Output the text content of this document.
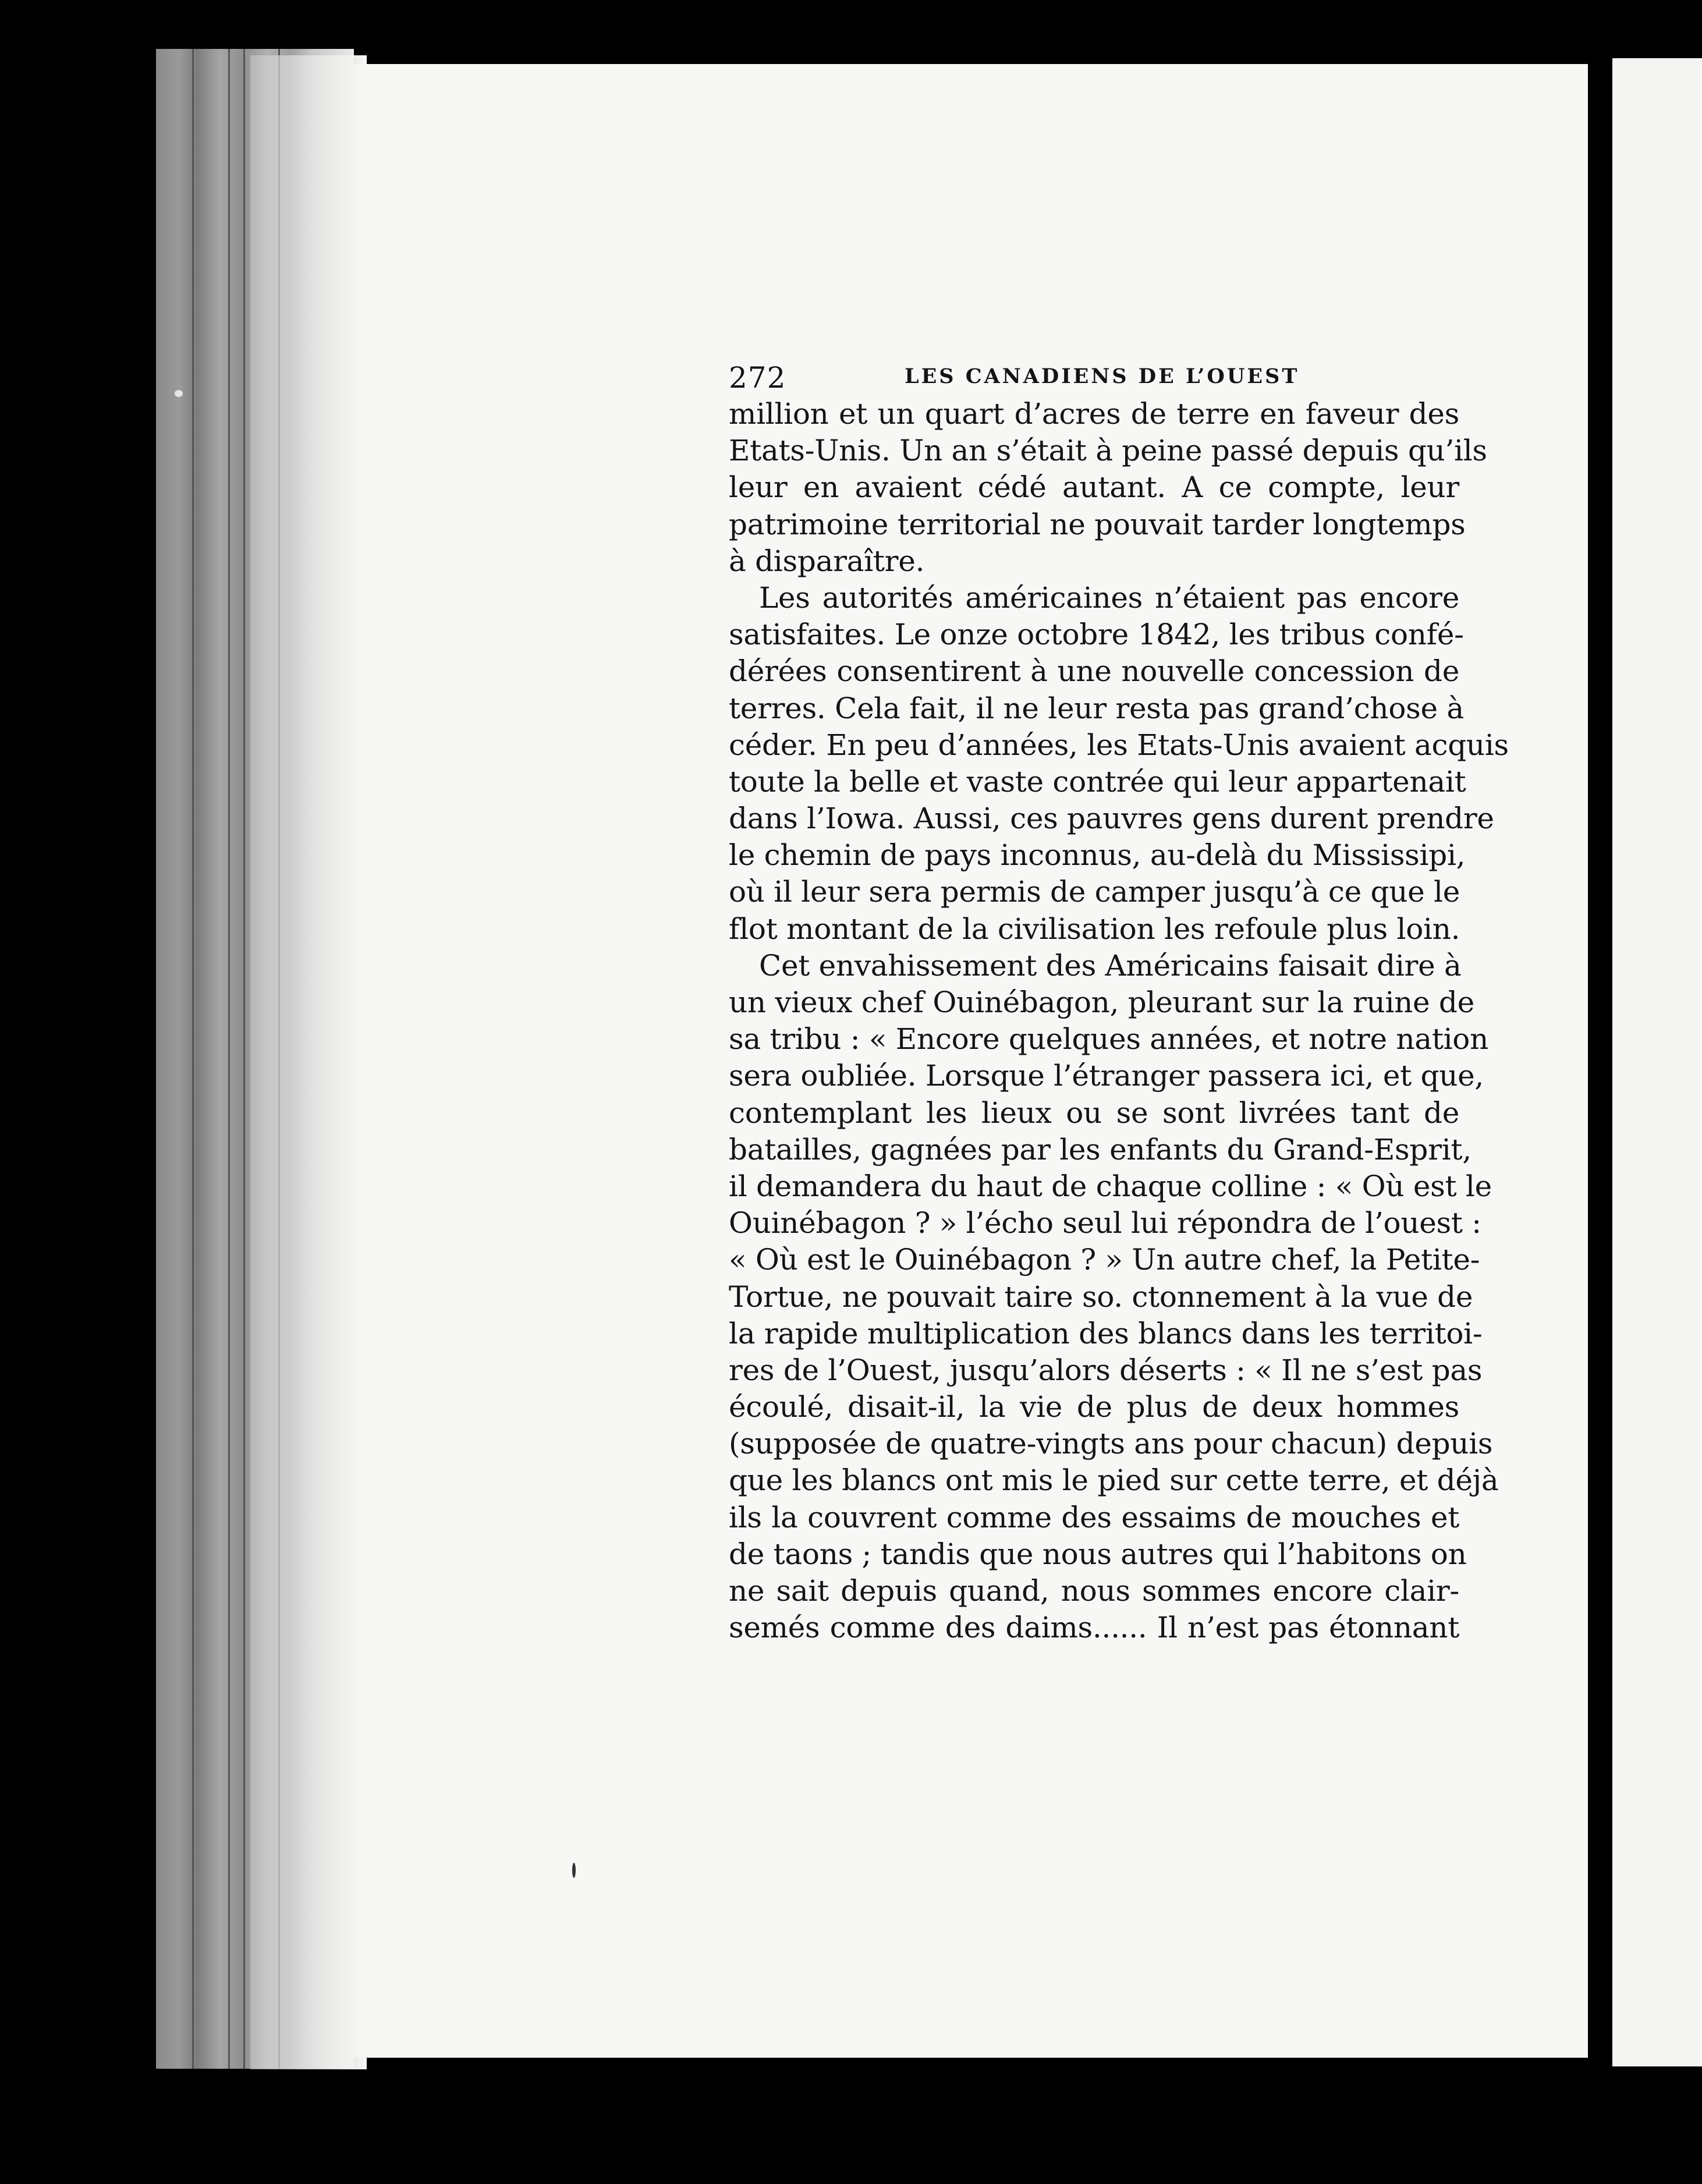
272	LES CANADIENS DE L’OUEST
million et un quart d’acres de terre en faveur des
Etats-Unis. Un an s’était à peine passé depuis qu’ils
leur en avaient cédé autant. A ce compte, leur
patrimoine territorial ne pouvait tarder longtemps
à disparaître.
Les autorités américaines n’étaient pas encore
satisfaites. Le onze octobre 1842, les tribus confé-
dérées consentirent à une nouvelle concession de
terres. Cela fait, il ne leur resta pas grand’chose à
céder. En peu d’années, les Etats-Unis avaient acquis
toute la belle et vaste contrée qui leur appartenait
dans l’Iowa. Aussi, ces pauvres gens durent prendre
le chemin de pays inconnus, au-delà du Mississipi,
où il leur sera permis de camper jusqu’à ce que le
flot montant de la civilisation les refoule plus loin.
Cet envahissement des Américains faisait dire à
un vieux chef Ouinébagon, pleurant sur la ruine de
sa tribu : « Encore quelques années, et notre nation
sera oubliée. Lorsque l’étranger passera ici, et que,
contemplant les lieux ou se sont livrées tant de
batailles, gagnées par les enfants du Grand-Esprit,
il demandera du haut de chaque colline : « Où est le
Ouinébagon ? » l’écho seul lui répondra de l’ouest :
« Où est le Ouinébagon ? » Un autre chef, la Petite-
Tortue, ne pouvait taire so. ctonnement à la vue de
la rapide multiplication des blancs dans les territoi-
res de l’Ouest, jusqu’alors déserts : « Il ne s’est pas
écoulé, disait-il, la vie de plus de deux hommes
(supposée de quatre-vingts ans pour chacun) depuis
que les blancs ont mis le pied sur cette terre, et déjà
ils la couvrent comme des essaims de mouches et
de taons ; tandis que nous autres qui l’habitons on
ne sait depuis quand, nous sommes encore clair-
semés comme des daims...... Il n’est pas étonnant
